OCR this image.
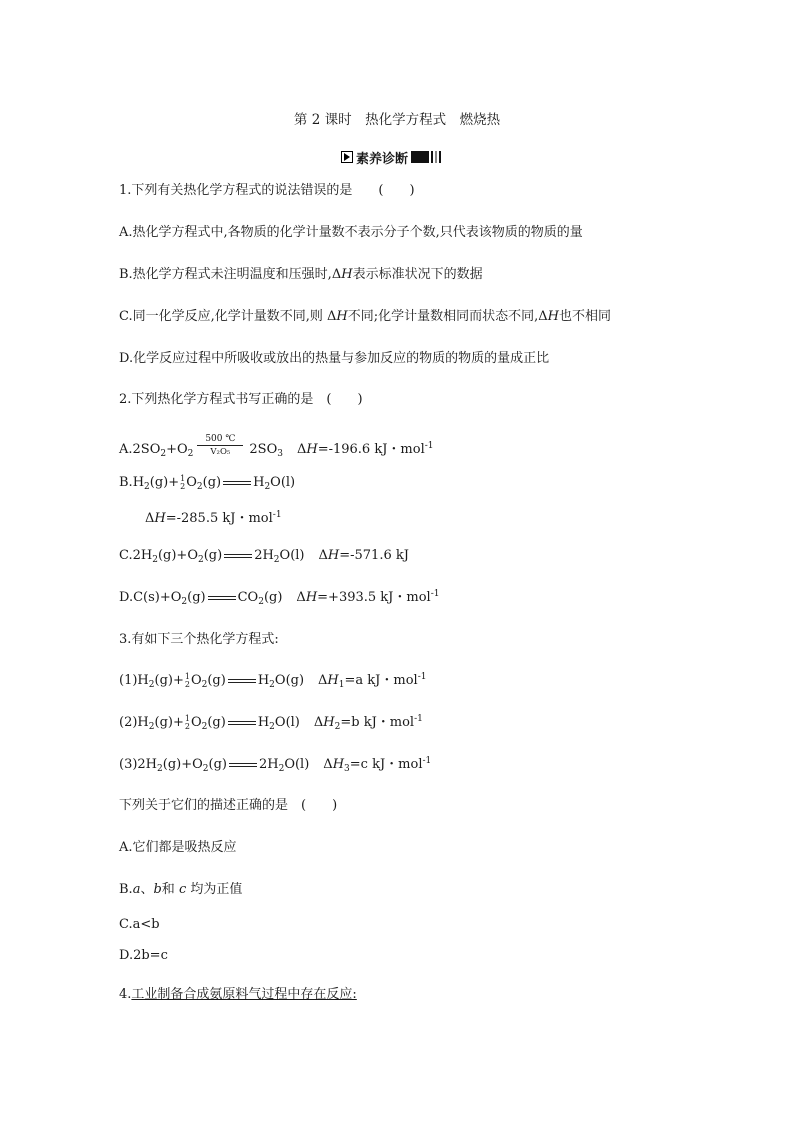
第 2 课时　热化学方程式　燃烧热
素养诊断
1.下列有关热化学方程式的说法错误的是　　(　　)
A.热化学方程式中,各物质的化学计量数不表示分子个数,只代表该物质的物质的量
B.热化学方程式未注明温度和压强时,ΔH表示标准状况下的数据
C.同一化学反应,化学计量数不同,则 ΔH不同;化学计量数相同而状态不同,ΔH也不相同
D.化学反应过程中所吸收或放出的热量与参加反应的物质的物质的量成正比
2.下列热化学方程式书写正确的是　(　　)
$A.2SO_2+O_2 \frac{500 ℃}{\text{V₂O₅}} 2SO_3$ ΔH=-196.6 kJ・mol$^{-1}$
$B.H_2(g)+ 1$
2 $O_2(g)$ $H_2O(l)$
ΔH=-285.5 kJ・mol$^{-1}$
$C.2H_2(g)+O_2(g)$ $2H_2O(l)$ ΔH=-571.6 kJ
$D.C(s)+O_2(g)$ $CO_2(g)$ ΔH=+393.5 kJ・mol$^{-1}$
3.有如下三个热化学方程式:
$(1)H_2(g)+ 1$
2 $O_2(g)$ $H_2O(g)$ $\Delta H_1=a$ kJ・mol$^{-1}$
$(2)H_2(g)+ 1$
2 $O_2(g)$ $H_2O(l)$ $\Delta H_2=b$ kJ・mol$^{-1}$
$(3)2H_2(g)+O_2(g)$ $2H_2O(l)$ $\Delta H_3=c$ kJ・mol$^{-1}$
下列关于它们的描述正确的是　(　　)
A.它们都是吸热反应
B.a、b和 c 均为正值
C.a<b
D.2b=c
4.工业制备合成氨原料气过程中存在反应:
